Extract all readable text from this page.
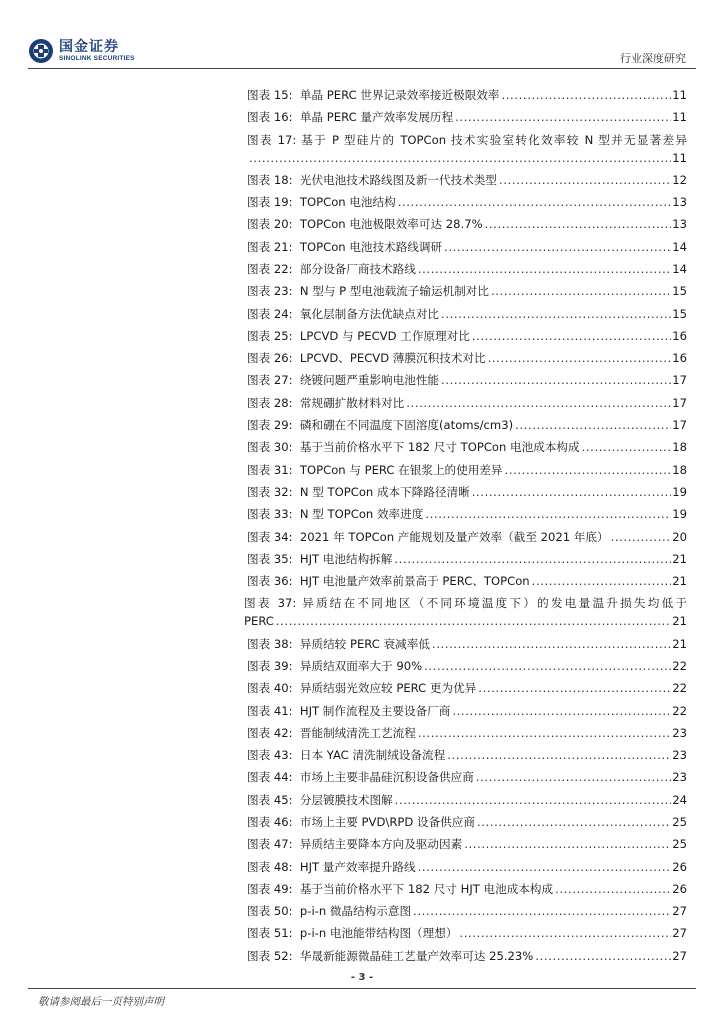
国金证券
SINOLINK SECURITIES	行业深度研究
图表 15:  单晶 PERC 世界记录效率接近极限效率 .....	11
图表 16:  单晶 PERC 量产效率发展历程 .....	11
图表 17: 基于 P 型硅片的 TOPCon 技术实验室转化效率较 N 型并无显著差异
.....
11
图表 18:  光伏电池技术路线图及新一代技术类型 .....	12
图表 19:  TOPCon 电池结构 .....	13
图表 20:  TOPCon 电池极限效率可达 28.7% .....	13
图表 21:  TOPCon 电池技术路线调研 .....	14
图表 22:  部分设备厂商技术路线 .....	14
图表 23:  N 型与 P 型电池载流子输运机制对比 .....	15
图表 24:  氧化层制备方法优缺点对比 .....	15
图表 25:  LPCVD 与 PECVD 工作原理对比 .....	16
图表 26:  LPCVD、PECVD 薄膜沉积技术对比 .....	16
图表 27:  绕镀问题严重影响电池性能 .....	17
图表 28:  常规硼扩散材料对比 .....	17
图表 29:  磷和硼在不同温度下固溶度(atoms/cm3) .....	17
图表 30:  基于当前价格水平下 182 尺寸 TOPCon 电池成本构成 .....	18
图表 31:  TOPCon 与 PERC 在银浆上的使用差异 .....	18
图表 32:  N 型 TOPCon 成本下降路径清晰 .....	19
图表 33:  N 型 TOPCon 效率进度 .....	19
图表 34:  2021 年 TOPCon 产能规划及量产效率（截至 2021 年底） .....	20
图表 35:  HJT 电池结构拆解 .....	21
图表 36:  HJT 电池量产效率前景高于 PERC、TOPCon .....	21
图表 37: 异质结在不同地区（不同环境温度下）的发电量温升损失均低于
PERC .....	21
图表 38:  异质结较 PERC 衰减率低 .....	21
图表 39:  异质结双面率大于 90% .....	22
图表 40:  异质结弱光效应较 PERC 更为优异 .....	22
图表 41:  HJT 制作流程及主要设备厂商 .....	22
图表 42:  晋能制绒清洗工艺流程 .....	23
图表 43:  日本 YAC 清洗制绒设备流程 .....	23
图表 44:  市场上主要非晶硅沉积设备供应商 .....	23
图表 45:  分层镀膜技术图解 .....	24
图表 46:  市场上主要 PVD\RPD 设备供应商 .....	25
图表 47:  异质结主要降本方向及驱动因素 .....	25
图表 48:  HJT 量产效率提升路线 .....	26
图表 49:  基于当前价格水平下 182 尺寸 HJT 电池成本构成 .....	26
图表 50:  p-i-n 微晶结构示意图 .....	27
图表 51:  p-i-n 电池能带结构图（理想） .....	27
图表 52:  华晟新能源微晶硅工艺量产效率可达 25.23% .....	27
- 3 -
敬请参阅最后一页特别声明
